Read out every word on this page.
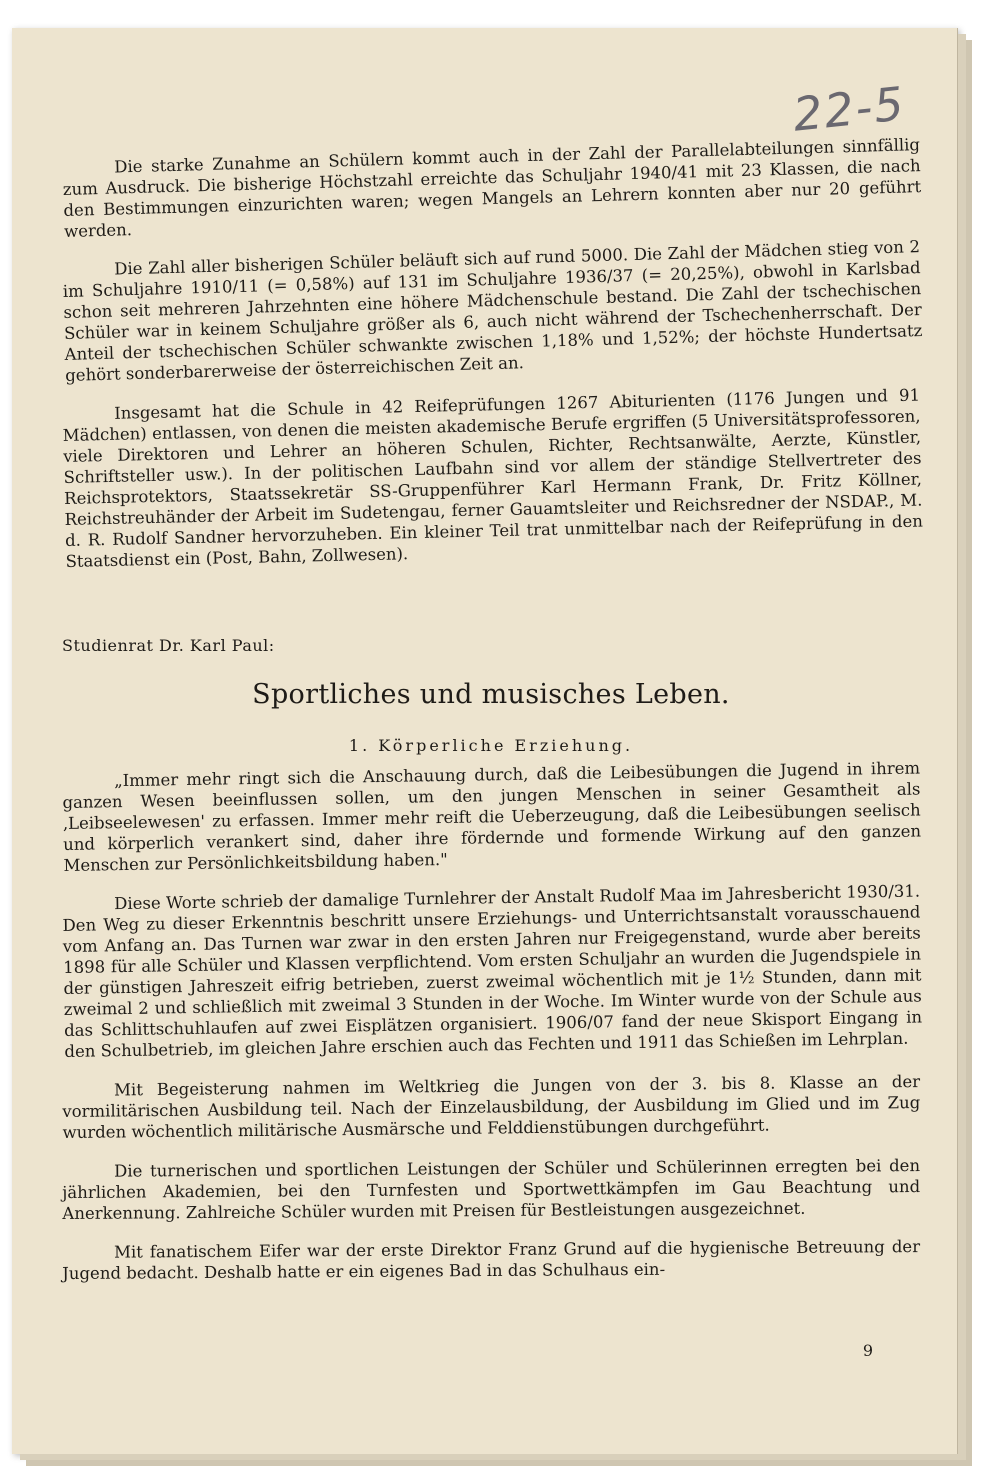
22-5

Die starke Zunahme an Schülern kommt auch in der Zahl der Parallelabteilungen sinnfällig zum Ausdruck. Die bisherige Höchstzahl erreichte das Schuljahr 1940/41 mit 23 Klassen, die nach den Bestimmungen einzurichten waren; wegen Mangels an Lehrern konnten aber nur 20 geführt werden.

Die Zahl aller bisherigen Schüler beläuft sich auf rund 5000. Die Zahl der Mädchen stieg von 2 im Schuljahre 1910/11 (= 0,58%) auf 131 im Schuljahre 1936/37 (= 20,25%), obwohl in Karlsbad schon seit mehreren Jahrzehnten eine höhere Mädchenschule bestand. Die Zahl der tschechischen Schüler war in keinem Schuljahre größer als 6, auch nicht während der Tschechenherrschaft. Der Anteil der tschechischen Schüler schwankte zwischen 1,18% und 1,52%; der höchste Hundertsatz gehört sonderbarerweise der österreichischen Zeit an.

Insgesamt hat die Schule in 42 Reifeprüfungen 1267 Abiturienten (1176 Jungen und 91 Mädchen) entlassen, von denen die meisten akademische Berufe ergriffen (5 Universitätsprofessoren, viele Direktoren und Lehrer an höheren Schulen, Richter, Rechtsanwälte, Aerzte, Künstler, Schriftsteller usw.). In der politischen Laufbahn sind vor allem der ständige Stellvertreter des Reichsprotektors, Staatssekretär SS-Gruppenführer Karl Hermann Frank, Dr. Fritz Köllner, Reichstreuhänder der Arbeit im Sudetengau, ferner Gauamtsleiter und Reichsredner der NSDAP., M. d. R. Rudolf Sandner hervorzuheben. Ein kleiner Teil trat unmittelbar nach der Reifeprüfung in den Staatsdienst ein (Post, Bahn, Zollwesen).

Studienrat Dr. Karl Paul:
Sportliches und musisches Leben.
1. Körperliche Erziehung.

„Immer mehr ringt sich die Anschauung durch, daß die Leibesübungen die Jugend in ihrem ganzen Wesen beeinflussen sollen, um den jungen Menschen in seiner Gesamtheit als ‚Leibseelewesen' zu erfassen. Immer mehr reift die Ueberzeugung, daß die Leibesübungen seelisch und körperlich verankert sind, daher ihre fördernde und formende Wirkung auf den ganzen Menschen zur Persönlichkeitsbildung haben."

Diese Worte schrieb der damalige Turnlehrer der Anstalt Rudolf Maa im Jahresbericht 1930/31. Den Weg zu dieser Erkenntnis beschritt unsere Erziehungs- und Unterrichtsanstalt vorausschauend vom Anfang an. Das Turnen war zwar in den ersten Jahren nur Freigegenstand, wurde aber bereits 1898 für alle Schüler und Klassen verpflichtend. Vom ersten Schuljahr an wurden die Jugendspiele in der günstigen Jahreszeit eifrig betrieben, zuerst zweimal wöchentlich mit je 1½ Stunden, dann mit zweimal 2 und schließlich mit zweimal 3 Stunden in der Woche. Im Winter wurde von der Schule aus das Schlittschuhlaufen auf zwei Eisplätzen organisiert. 1906/07 fand der neue Skisport Eingang in den Schulbetrieb, im gleichen Jahre erschien auch das Fechten und 1911 das Schießen im Lehrplan.

Mit Begeisterung nahmen im Weltkrieg die Jungen von der 3. bis 8. Klasse an der vormilitärischen Ausbildung teil. Nach der Einzelausbildung, der Ausbildung im Glied und im Zug wurden wöchentlich militärische Ausmärsche und Felddienstübungen durchgeführt.

Die turnerischen und sportlichen Leistungen der Schüler und Schülerinnen erregten bei den jährlichen Akademien, bei den Turnfesten und Sportwettkämpfen im Gau Beachtung und Anerkennung. Zahlreiche Schüler wurden mit Preisen für Bestleistungen ausgezeichnet.

Mit fanatischem Eifer war der erste Direktor Franz Grund auf die hygienische Betreuung der Jugend bedacht. Deshalb hatte er ein eigenes Bad in das Schulhaus ein-

9
